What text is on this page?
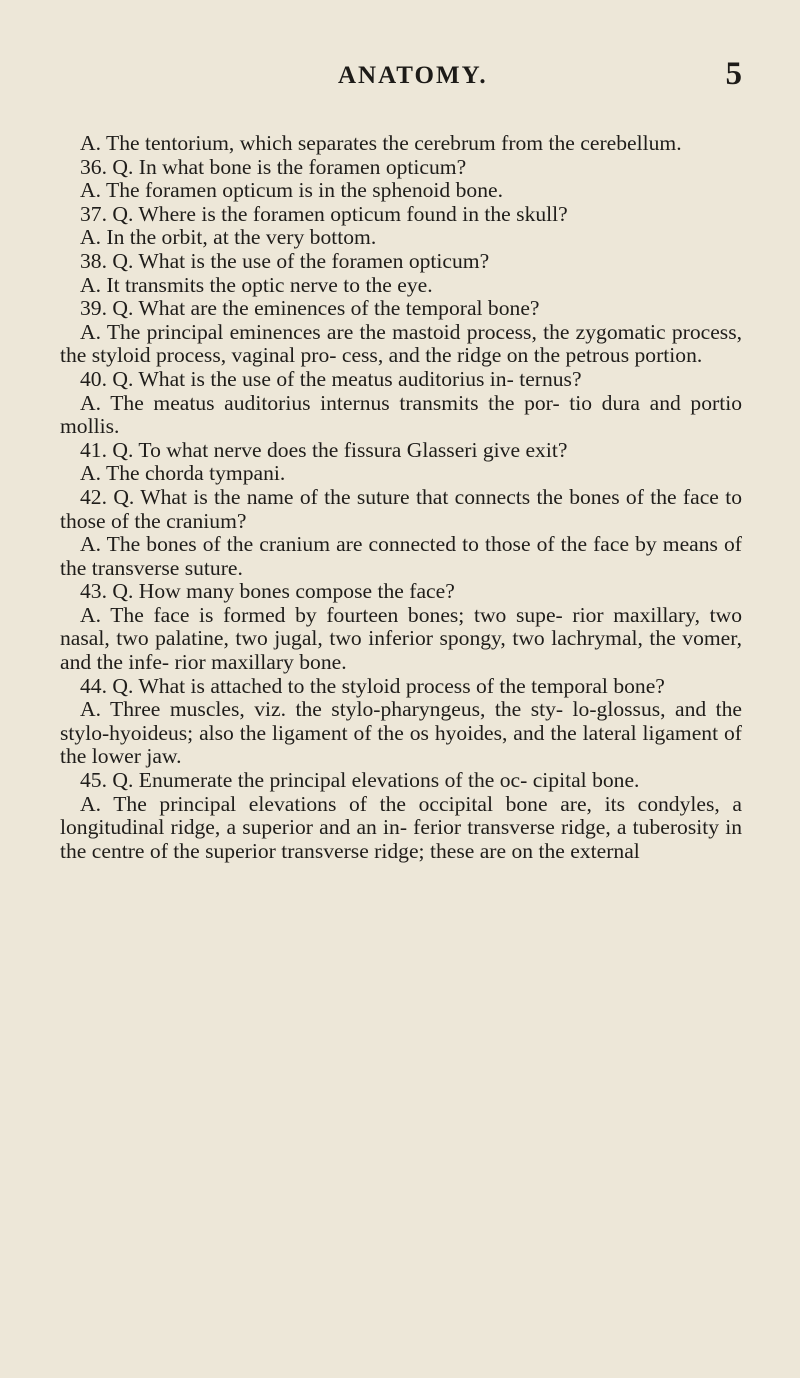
ANATOMY.	5

A. The tentorium, which separates the cerebrum from the cerebellum.

36. Q. In what bone is the foramen opticum?

A. The foramen opticum is in the sphenoid bone.

37. Q. Where is the foramen opticum found in the skull?

A. In the orbit, at the very bottom.

38. Q. What is the use of the foramen opticum?

A. It transmits the optic nerve to the eye.

39. Q. What are the eminences of the temporal bone?

A. The principal eminences are the mastoid process, the zygomatic process, the styloid process, vaginal pro- cess, and the ridge on the petrous portion.

40. Q. What is the use of the meatus auditorius in- ternus?

A. The meatus auditorius internus transmits the por- tio dura and portio mollis.

41. Q. To what nerve does the fissura Glasseri give exit?

A. The chorda tympani.

42. Q. What is the name of the suture that connects the bones of the face to those of the cranium?

A. The bones of the cranium are connected to those of the face by means of the transverse suture.

43. Q. How many bones compose the face?

A. The face is formed by fourteen bones; two supe- rior maxillary, two nasal, two palatine, two jugal, two inferior spongy, two lachrymal, the vomer, and the infe- rior maxillary bone.

44. Q. What is attached to the styloid process of the temporal bone?

A. Three muscles, viz. the stylo-pharyngeus, the sty- lo-glossus, and the stylo-hyoideus; also the ligament of the os hyoides, and the lateral ligament of the lower jaw.

45. Q. Enumerate the principal elevations of the oc- cipital bone.

A. The principal elevations of the occipital bone are, its condyles, a longitudinal ridge, a superior and an in- ferior transverse ridge, a tuberosity in the centre of the superior transverse ridge; these are on the external
